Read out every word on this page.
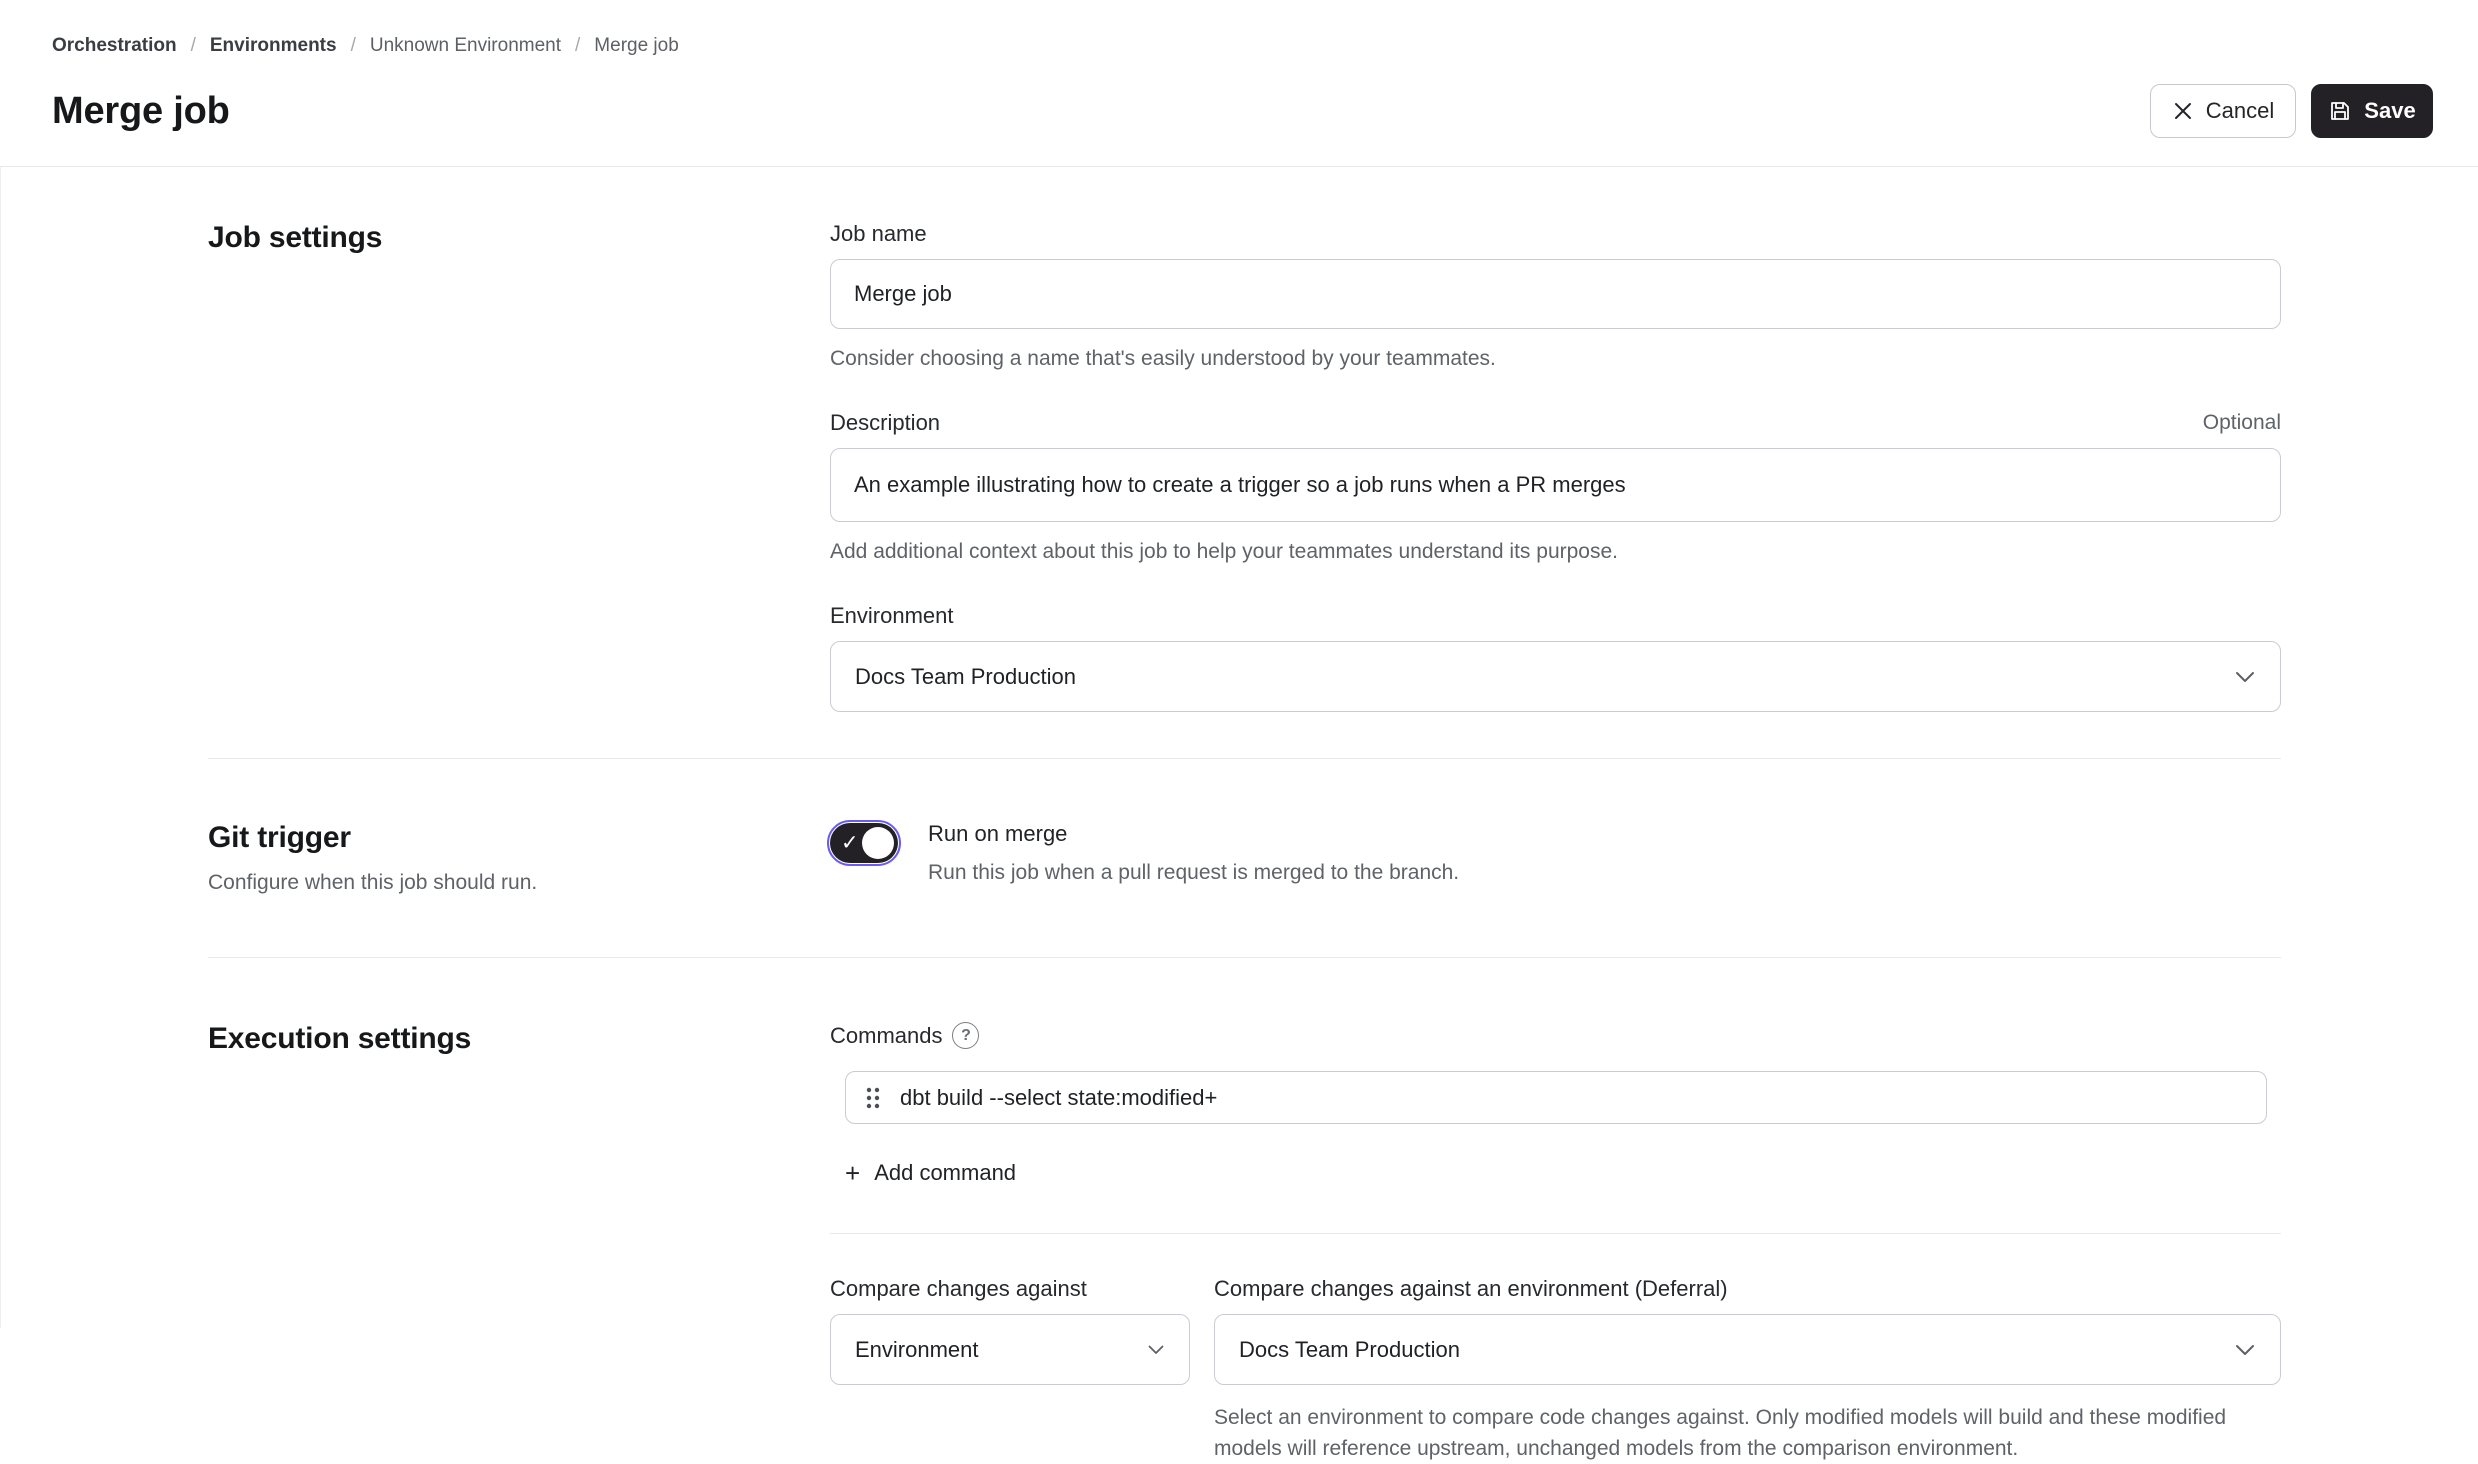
Orchestration / Environments / Unknown Environment / Merge job
Merge job	Cancel	Save
Job settings	Job name
Merge job
Consider choosing a name that's easily understood by your teammates.
Description	Optional
An example illustrating how to create a trigger so a job runs when a PR merges
Add additional context about this job to help your teammates understand its purpose.
Environment
Docs Team Production
Git trigger
Configure when this job should run.
✓	Run on merge
Run this job when a pull request is merged to the branch.
Execution settings	Commands	?
dbt build --select state:modified+
+ Add command
Compare changes against
Environment
Compare changes against an environment (Deferral)
Docs Team Production
Select an environment to compare code changes against. Only modified models will build and these modified models will reference upstream, unchanged models from the comparison environment.
